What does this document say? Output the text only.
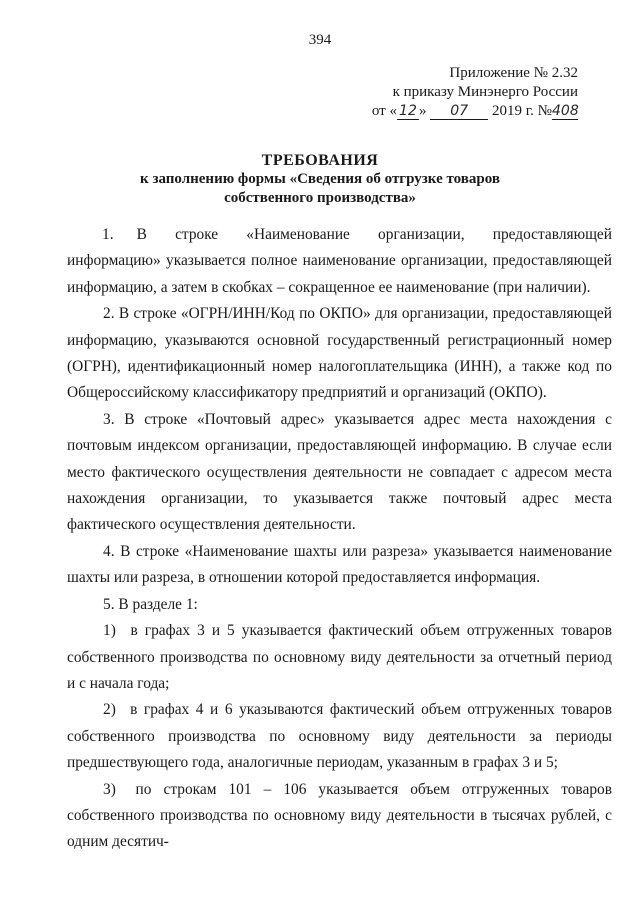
394
Приложение № 2.32
к приказу Минэнерго России
от « 12 » 07 2019 г. №408
ТРЕБОВАНИЯ
к заполнению формы «Сведения об отгрузке товаров
собственного производства»

1.  В строке «Наименование организации, предоставляющей информацию» указывается полное наименование организации, предоставляющей информацию, а затем в скобках – сокращенное ее наименование (при наличии).

2. В строке «ОГРН/ИНН/Код по ОКПО» для организации, предоставляющей информацию, указываются основной государственный регистрационный номер (ОГРН), идентификационный номер налогоплательщика (ИНН), а также код по Общероссийскому классификатору предприятий и организаций (ОКПО).

3. В строке «Почтовый адрес» указывается адрес места нахождения с почтовым индексом организации, предоставляющей информацию. В случае если место фактического осуществления деятельности не совпадает с адресом места нахождения организации, то указывается также почтовый адрес места фактического осуществления деятельности.

4. В строке «Наименование шахты или разреза» указывается наименование шахты или разреза, в отношении которой предоставляется информация.

5. В разделе 1:

1)  в графах 3 и 5 указывается фактический объем отгруженных товаров собственного производства по основному виду деятельности за отчетный период и с начала года;

2)  в графах 4 и 6 указываются фактический объем отгруженных товаров собственного производства по основному виду деятельности за периоды предшествующего года, аналогичные периодам, указанным в графах 3 и 5;

3)  по строкам 101 – 106 указывается объем отгруженных товаров собственного производства по основному виду деятельности в тысячах рублей, с одним десятич-
